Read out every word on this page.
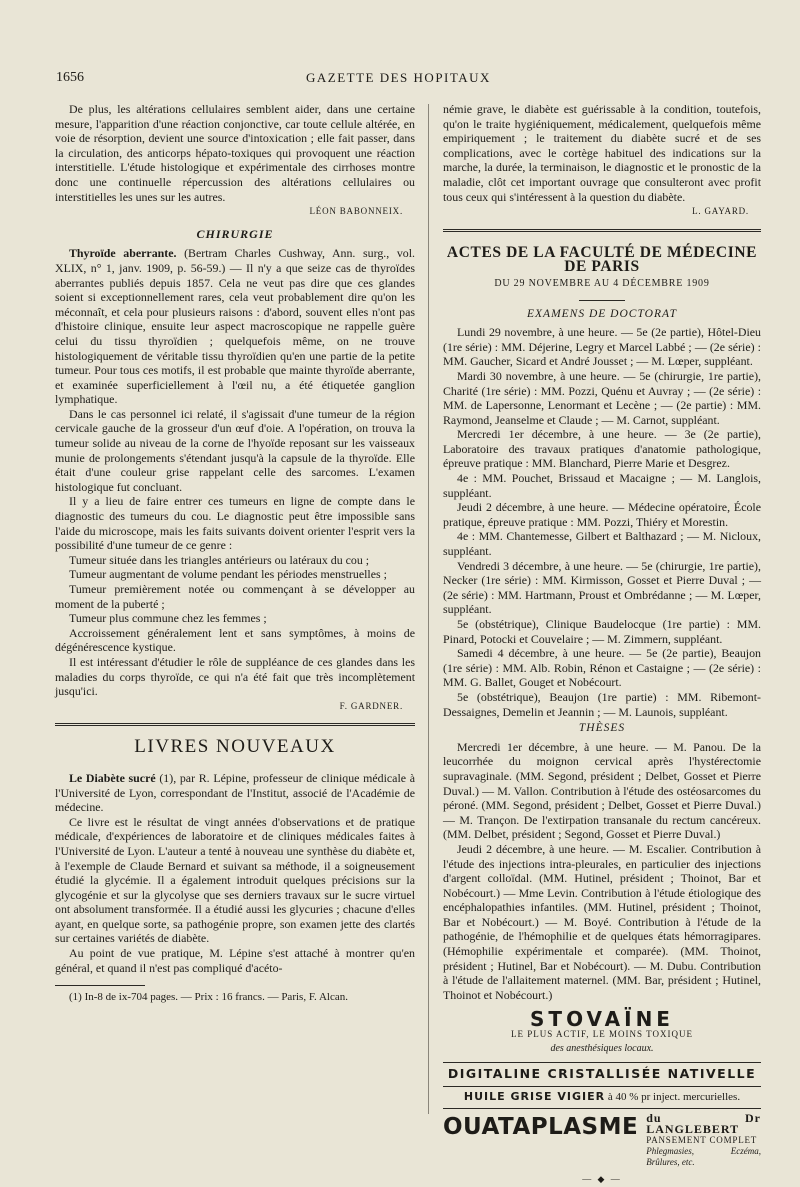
1656	GAZETTE DES HOPITAUX

De plus, les altérations cellulaires semblent aider, dans une certaine mesure, l'apparition d'une réaction conjonctive, car toute cellule altérée, en voie de résorption, devient une source d'intoxication ; elle fait passer, dans la circulation, des anticorps hépato-toxiques qui provoquent une réaction interstitielle. L'étude histologique et expérimentale des cirrhoses montre donc une continuelle répercussion des altérations cellulaires ou interstitielles les unes sur les autres.

LÉON BABONNEIX.
CHIRURGIE

Thyroïde aberrante. (Bertram Charles Cushway, Ann. surg., vol. XLIX, n° 1, janv. 1909, p. 56-59.) — Il n'y a que seize cas de thyroïdes aberrantes publiés depuis 1857. Cela ne veut pas dire que ces glandes soient si exceptionnellement rares, cela veut probablement dire qu'on les méconnaît, et cela pour plusieurs raisons : d'abord, souvent elles n'ont pas d'histoire clinique, ensuite leur aspect macroscopique ne rappelle guère celui du tissu thyroïdien ; quelquefois même, on ne trouve histologiquement de véritable tissu thyroïdien qu'en une partie de la petite tumeur. Pour tous ces motifs, il est probable que mainte thyroïde aberrante, et examinée superficiellement à l'œil nu, a été étiquetée ganglion lymphatique.

Dans le cas personnel ici relaté, il s'agissait d'une tumeur de la région cervicale gauche de la grosseur d'un œuf d'oie. A l'opération, on trouva la tumeur solide au niveau de la corne de l'hyoïde reposant sur les vaisseaux munie de prolongements s'étendant jusqu'à la capsule de la thyroïde. Elle était d'une couleur grise rappelant celle des sarcomes. L'examen histologique fut concluant.

Il y a lieu de faire entrer ces tumeurs en ligne de compte dans le diagnostic des tumeurs du cou. Le diagnostic peut être impossible sans l'aide du microscope, mais les faits suivants doivent orienter l'esprit vers la possibilité d'une tumeur de ce genre :

Tumeur située dans les triangles antérieurs ou latéraux du cou ;

Tumeur augmentant de volume pendant les périodes menstruelles ;

Tumeur premièrement notée ou commençant à se développer au moment de la puberté ;

Tumeur plus commune chez les femmes ;

Accroissement généralement lent et sans symptômes, à moins de dégénérescence kystique.

Il est intéressant d'étudier le rôle de suppléance de ces glandes dans les maladies du corps thyroïde, ce qui n'a été fait que très incomplètement jusqu'ici.

F. GARDNER.
LIVRES NOUVEAUX

Le Diabète sucré (1), par R. Lépine, professeur de clinique médicale à l'Université de Lyon, correspondant de l'Institut, associé de l'Académie de médecine.

Ce livre est le résultat de vingt années d'observations et de pratique médicale, d'expériences de laboratoire et de cliniques médicales faites à l'Université de Lyon. L'auteur a tenté à nouveau une synthèse du diabète et, à l'exemple de Claude Bernard et suivant sa méthode, il a soigneusement étudié la glycémie. Il a également introduit quelques précisions sur la glycogénie et sur la glycolyse que ses derniers travaux sur le sucre virtuel ont absolument transformée. Il a étudié aussi les glycuries ; chacune d'elles ayant, en quelque sorte, sa pathogénie propre, son examen jette des clartés sur certaines variétés de diabète.

Au point de vue pratique, M. Lépine s'est attaché à montrer qu'en général, et quand il n'est pas compliqué d'acéto-

(1) In-8 de ix-704 pages. — Prix : 16 francs. — Paris, F. Alcan.

némie grave, le diabète est guérissable à la condition, toutefois, qu'on le traite hygiéniquement, médicalement, quelquefois même empiriquement ; le traitement du diabète sucré et de ses complications, avec le cortège habituel des indications sur la marche, la durée, la terminaison, le diagnostic et le pronostic de la maladie, clôt cet important ouvrage que consulteront avec profit tous ceux qui s'intéressent à la question du diabète.

L. GAYARD.
ACTES DE LA FACULTÉ DE MÉDECINE DE PARIS
DU 29 NOVEMBRE AU 4 DÉCEMBRE 1909
EXAMENS DE DOCTORAT

Lundi 29 novembre, à une heure. — 5e (2e partie), Hôtel-Dieu (1re série) : MM. Déjerine, Legry et Marcel Labbé ; — (2e série) : MM. Gaucher, Sicard et André Jousset ; — M. Lœper, suppléant.

Mardi 30 novembre, à une heure. — 5e (chirurgie, 1re partie), Charité (1re série) : MM. Pozzi, Quénu et Auvray ; — (2e série) : MM. de Lapersonne, Lenormant et Lecène ; — (2e partie) : MM. Raymond, Jeanselme et Claude ; — M. Carnot, suppléant.

Mercredi 1er décembre, à une heure. — 3e (2e partie), Laboratoire des travaux pratiques d'anatomie pathologique, épreuve pratique : MM. Blanchard, Pierre Marie et Desgrez.

4e : MM. Pouchet, Brissaud et Macaigne ; — M. Langlois, suppléant.

Jeudi 2 décembre, à une heure. — Médecine opératoire, École pratique, épreuve pratique : MM. Pozzi, Thiéry et Morestin.

4e : MM. Chantemesse, Gilbert et Balthazard ; — M. Nicloux, suppléant.

Vendredi 3 décembre, à une heure. — 5e (chirurgie, 1re partie), Necker (1re série) : MM. Kirmisson, Gosset et Pierre Duval ; — (2e série) : MM. Hartmann, Proust et Ombrédanne ; — M. Lœper, suppléant.

5e (obstétrique), Clinique Baudelocque (1re partie) : MM. Pinard, Potocki et Couvelaire ; — M. Zimmern, suppléant.

Samedi 4 décembre, à une heure. — 5e (2e partie), Beaujon (1re série) : MM. Alb. Robin, Rénon et Castaigne ; — (2e série) : MM. G. Ballet, Gouget et Nobécourt.

5e (obstétrique), Beaujon (1re partie) : MM. Ribemont-Dessaignes, Demelin et Jeannin ; — M. Launois, suppléant.

THÈSES

Mercredi 1er décembre, à une heure. — M. Panou. De la leucorrhée du moignon cervical après l'hystérectomie supravaginale. (MM. Segond, président ; Delbet, Gosset et Pierre Duval.) — M. Vallon. Contribution à l'étude des ostéosarcomes du péroné. (MM. Segond, président ; Delbet, Gosset et Pierre Duval.) — M. Trançon. De l'extirpation transanale du rectum cancéreux. (MM. Delbet, président ; Segond, Gosset et Pierre Duval.)

Jeudi 2 décembre, à une heure. — M. Escalier. Contribution à l'étude des injections intra-pleurales, en particulier des injections d'argent colloïdal. (MM. Hutinel, président ; Thoinot, Bar et Nobécourt.) — Mme Levin. Contribution à l'étude étiologique des encéphalopathies infantiles. (MM. Hutinel, président ; Thoinot, Bar et Nobécourt.) — M. Boyé. Contribution à l'étude de la pathogénie, de l'hémophilie et de quelques états hémorragipares. (Hémophilie expérimentale et comparée). (MM. Thoinot, président ; Hutinel, Bar et Nobécourt). — M. Dubu. Contribution à l'étude de l'allaitement maternel. (MM. Bar, président ; Hutinel, Thoinot et Nobécourt.)

STOVAÏNE
LE PLUS ACTIF, LE MOINS TOXIQUE
des anesthésiques locaux.
DIGITALINE CRISTALLISÉE NATIVELLE
HUILE GRISE VIGIER à 40 % pr inject. mercurielles.
OUATAPLASME du Dr LANGLEBERT
PANSEMENT COMPLET
Phlegmasies, Eczéma, Brûlures, etc.
— ◆ —
